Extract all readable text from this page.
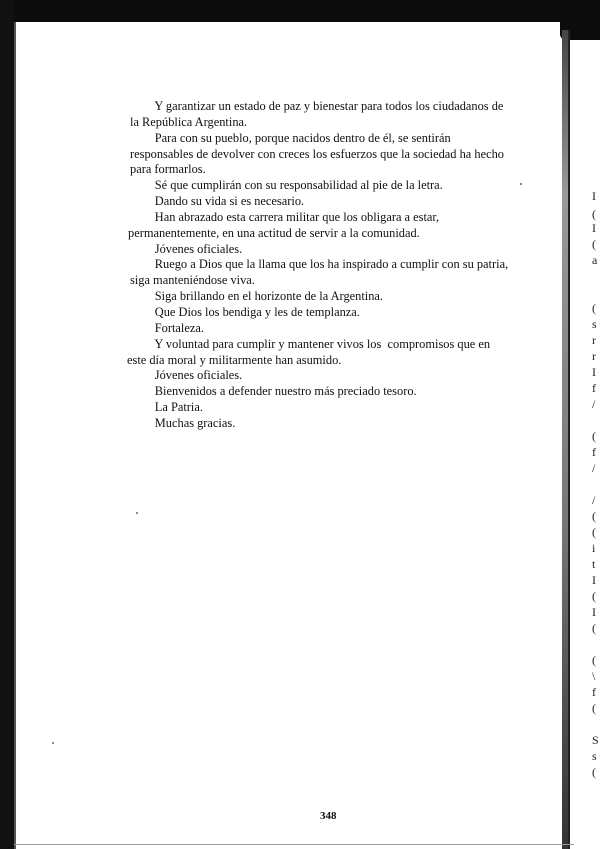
Y garantizar un estado de paz y bienestar para todos los ciudadanos de

la República Argentina.

Para con su pueblo, porque nacidos dentro de él, se sentirán

responsables de devolver con creces los esfuerzos que la sociedad ha hecho

para formarlos.

Sé que cumplirán con su responsabilidad al pie de la letra.

Dando su vida si es necesario.

Han abrazado esta carrera militar que los obligara a estar,

permanentemente, en una actitud de servir a la comunidad.

Jóvenes oficiales.

Ruego a Dios que la llama que los ha inspirado a cumplir con su patria,

siga manteniéndose viva.

Siga brillando en el horizonte de la Argentina.

Que Dios los bendiga y les de templanza.

Fortaleza.

Y voluntad para cumplir y mantener vivos los  compromisos que en

este día moral y militarmente han asumido.

Jóvenes oficiales.

Bienvenidos a defender nuestro más preciado tesoro.

La Patria.

Muchas gracias.

348
I
(
I
(
a
(
s
r
r
I
f
/
(
f
/
/
(
(
i
t
I
(
I
(
(
\
f
(
S
s
(
